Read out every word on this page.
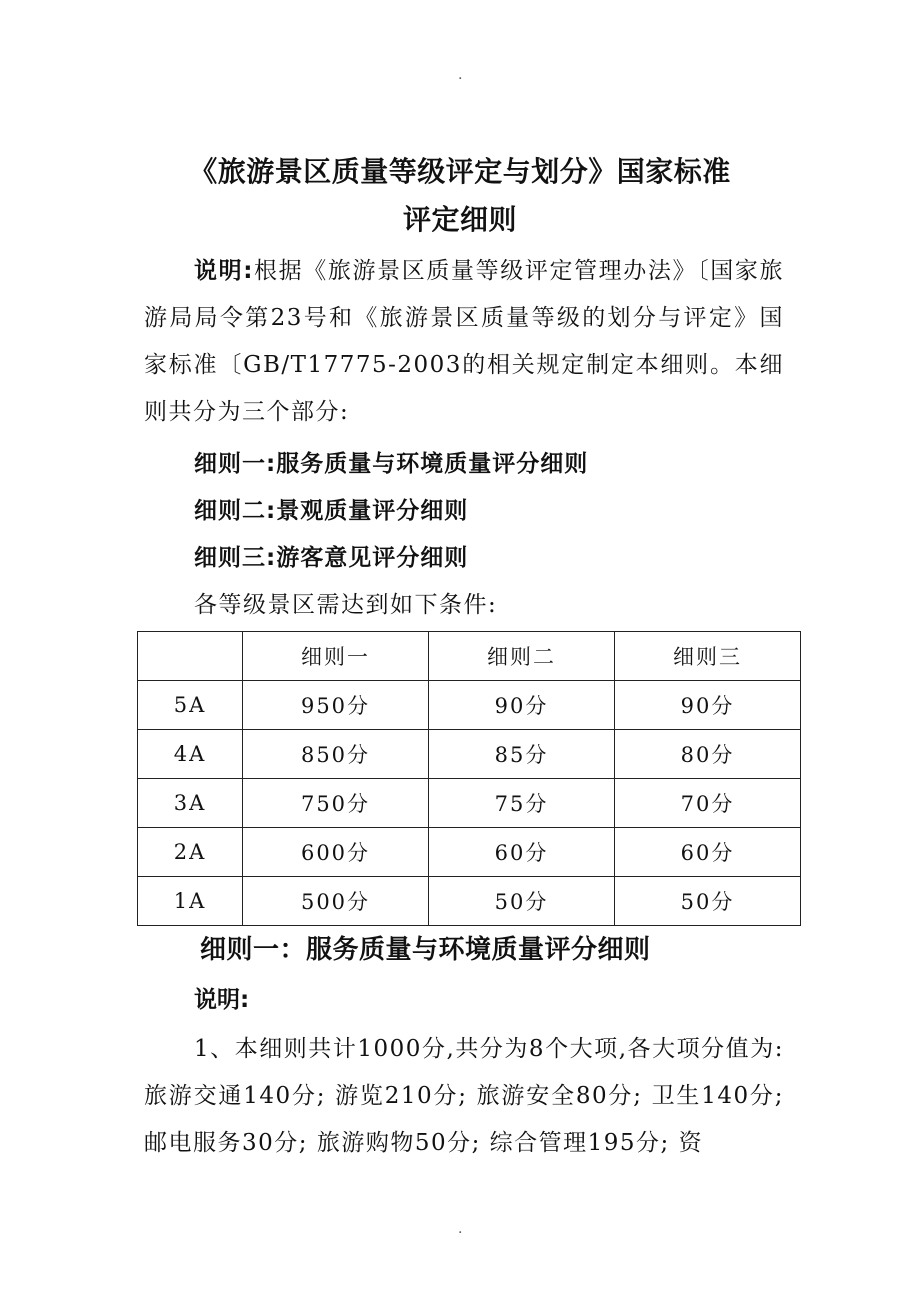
.
《旅游景区质量等级评定与划分》国家标准
评定细则
说明:根据《旅游景区质量等级评定管理办法》〔国家旅游局局令第23号和《旅游景区质量等级的划分与评定》国家标准〔GB/T17775-2003的相关规定制定本细则。本细则共分为三个部分:
细则一:服务质量与环境质量评分细则
细则二:景观质量评分细则
细则三:游客意见评分细则
各等级景区需达到如下条件:
	细则一	细则二	细则三
5A	950分	90分	90分
4A	850分	85分	80分
3A	750分	75分	70分
2A	600分	60分	60分
1A	500分	50分	50分
细则一：服务质量与环境质量评分细则
说明:
1、本细则共计1000分,共分为8个大项,各大项分值为:旅游交通140分; 游览210分; 旅游安全80分; 卫生140分; 邮电服务30分; 旅游购物50分; 综合管理195分; 资
.
